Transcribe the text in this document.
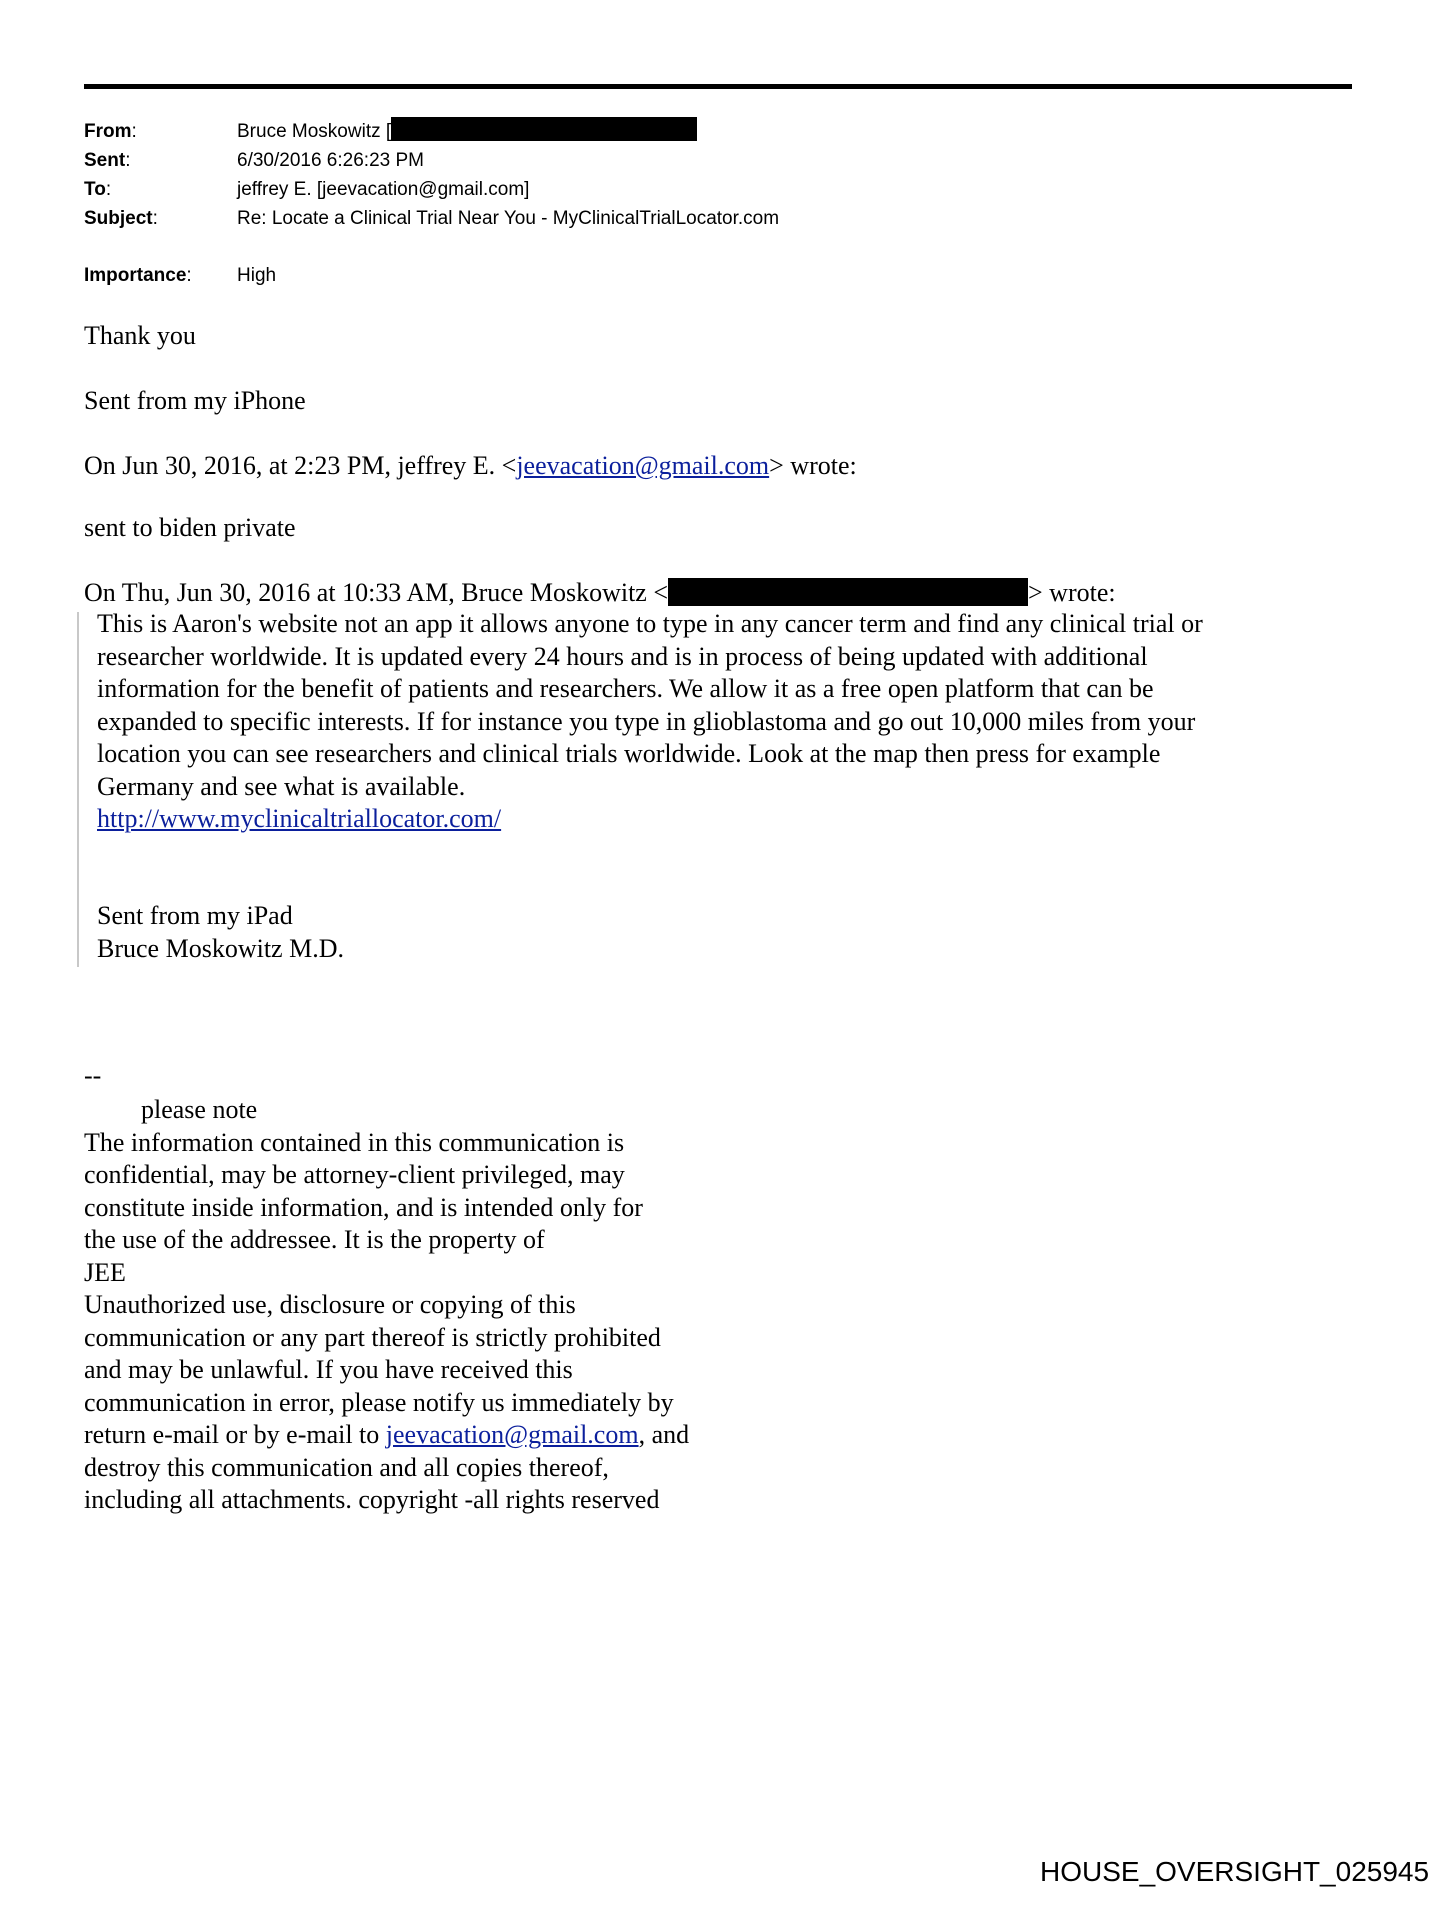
From:	Bruce Moskowitz [
Sent:	6/30/2016 6:26:23 PM
To:	jeffrey E. [jeevacation@gmail.com]
Subject:	Re: Locate a Clinical Trial Near You - MyClinicalTrialLocator.com
Importance: High
Thank you
Sent from my iPhone
On Jun 30, 2016, at 2:23 PM, jeffrey E. <jeevacation@gmail.com> wrote:
sent to biden private
On Thu, Jun 30, 2016 at 10:33 AM, Bruce Moskowitz <	> wrote:
This is Aaron's website not an app it allows anyone to type in any cancer term and find any clinical trial or
researcher worldwide. It is updated every 24 hours and is in process of being updated with additional
information for the benefit of patients and researchers. We allow it as a free open platform that can be
expanded to specific interests. If for instance you type in glioblastoma and go out 10,000 miles from your
location you can see researchers and clinical trials worldwide. Look at the map then press for example
Germany and see what is available.
http://www.myclinicaltriallocator.com/
Sent from my iPad
Bruce Moskowitz M.D.
--
please note
The information contained in this communication is
confidential, may be attorney-client privileged, may
constitute inside information, and is intended only for
the use of the addressee. It is the property of
JEE
Unauthorized use, disclosure or copying of this
communication or any part thereof is strictly prohibited
and may be unlawful. If you have received this
communication in error, please notify us immediately by
return e-mail or by e-mail to jeevacation@gmail.com, and
destroy this communication and all copies thereof,
including all attachments. copyright -all rights reserved
HOUSE_OVERSIGHT_025945
